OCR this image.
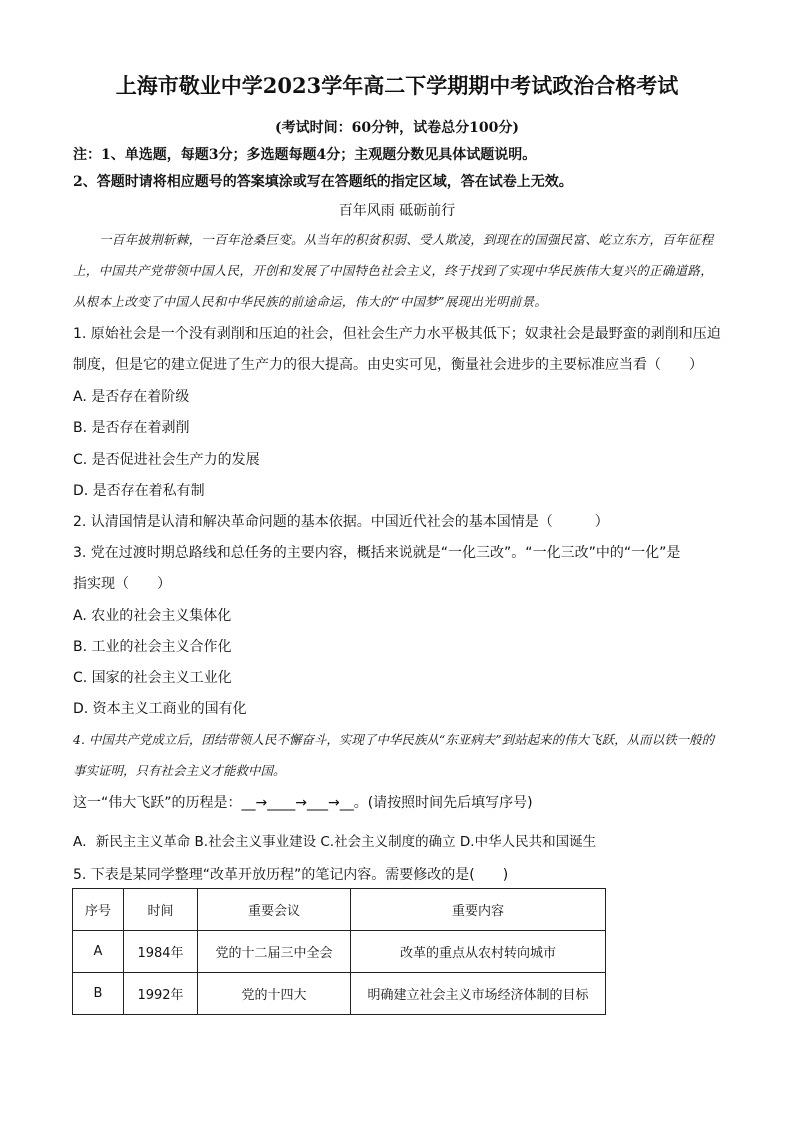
上海市敬业中学2023学年高二下学期期中考试政治合格考试
(考试时间：60分钟，试卷总分100分)
注：1、单选题，每题3分；多选题每题4分；主观题分数见具体试题说明。
2、答题时请将相应题号的答案填涂或写在答题纸的指定区域，答在试卷上无效。
百年风雨 砥砺前行
一百年披荆斩棘，一百年沧桑巨变。从当年的积贫积弱、受人欺凌，到现在的国强民富、屹立东方，百年征程上，中国共产党带领中国人民，开创和发展了中国特色社会主义，终于找到了实现中华民族伟大复兴的正确道路，从根本上改变了中国人民和中华民族的前途命运，伟大的“中国梦”展现出光明前景。
1. 原始社会是一个没有剥削和压迫的社会，但社会生产力水平极其低下；奴隶社会是最野蛮的剥削和压迫
制度，但是它的建立促进了生产力的很大提高。由史实可见，衡量社会进步的主要标准应当看（　　）
A. 是否存在着阶级
B. 是否存在着剥削
C. 是否促进社会生产力的发展
D. 是否存在着私有制
2. 认清国情是认清和解决革命问题的基本依据。中国近代社会的基本国情是（　　　）
3. 党在过渡时期总路线和总任务的主要内容，概括来说就是“一化三改”。“一化三改”中的“一化”是
指实现（　　）
A. 农业的社会主义集体化
B. 工业的社会主义合作化
C. 国家的社会主义工业化
D. 资本主义工商业的国有化
4. 中国共产党成立后，团结带领人民不懈奋斗，实现了中华民族从“东亚病夫”到站起来的伟大飞跃，从而以铁一般的事实证明，只有社会主义才能救中国。
这一“伟大飞跃”的历程是：__→____→___→__。(请按照时间先后填写序号)
A．新民主主义革命 B.社会主义事业建设 C.社会主义制度的确立 D.中华人民共和国诞生
5. 下表是某同学整理“改革开放历程”的笔记内容。需要修改的是(　　)
序号	时间	重要会议	重要内容
A	1984年	党的十二届三中全会	改革的重点从农村转向城市
B	1992年	党的十四大	明确建立社会主义市场经济体制的目标
